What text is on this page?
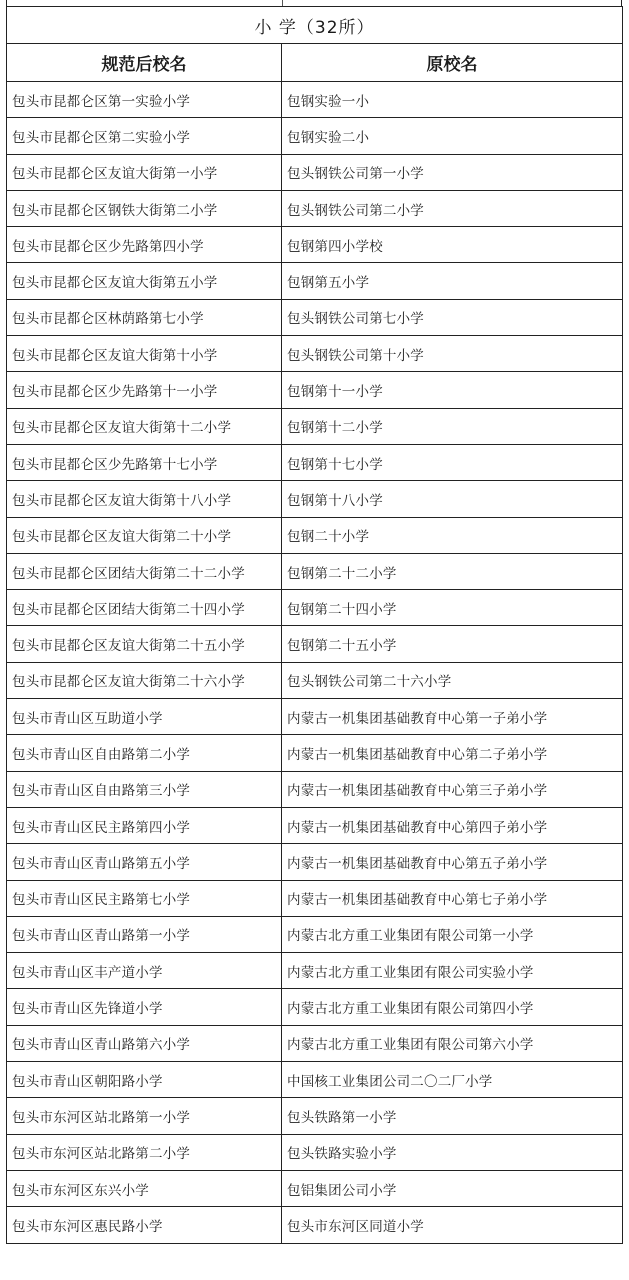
小 学（32所）	
规范后校名	原校名
包头市昆都仑区第一实验小学	包钢实验一小
包头市昆都仑区第二实验小学	包钢实验二小
包头市昆都仑区友谊大街第一小学	包头钢铁公司第一小学
包头市昆都仑区钢铁大街第二小学	包头钢铁公司第二小学
包头市昆都仑区少先路第四小学	包钢第四小学校
包头市昆都仑区友谊大街第五小学	包钢第五小学
包头市昆都仑区林荫路第七小学	包头钢铁公司第七小学
包头市昆都仑区友谊大街第十小学	包头钢铁公司第十小学
包头市昆都仑区少先路第十一小学	包钢第十一小学
包头市昆都仑区友谊大街第十二小学	包钢第十二小学
包头市昆都仑区少先路第十七小学	包钢第十七小学
包头市昆都仑区友谊大街第十八小学	包钢第十八小学
包头市昆都仑区友谊大街第二十小学	包钢二十小学
包头市昆都仑区团结大街第二十二小学	包钢第二十二小学
包头市昆都仑区团结大街第二十四小学	包钢第二十四小学
包头市昆都仑区友谊大街第二十五小学	包钢第二十五小学
包头市昆都仑区友谊大街第二十六小学	包头钢铁公司第二十六小学
包头市青山区互助道小学	内蒙古一机集团基础教育中心第一子弟小学
包头市青山区自由路第二小学	内蒙古一机集团基础教育中心第二子弟小学
包头市青山区自由路第三小学	内蒙古一机集团基础教育中心第三子弟小学
包头市青山区民主路第四小学	内蒙古一机集团基础教育中心第四子弟小学
包头市青山区青山路第五小学	内蒙古一机集团基础教育中心第五子弟小学
包头市青山区民主路第七小学	内蒙古一机集团基础教育中心第七子弟小学
包头市青山区青山路第一小学	内蒙古北方重工业集团有限公司第一小学
包头市青山区丰产道小学	内蒙古北方重工业集团有限公司实验小学
包头市青山区先锋道小学	内蒙古北方重工业集团有限公司第四小学
包头市青山区青山路第六小学	内蒙古北方重工业集团有限公司第六小学
包头市青山区朝阳路小学	中国核工业集团公司二〇二厂小学
包头市东河区站北路第一小学	包头铁路第一小学
包头市东河区站北路第二小学	包头铁路实验小学
包头市东河区东兴小学	包铝集团公司小学
包头市东河区惠民路小学	包头市东河区同道小学
